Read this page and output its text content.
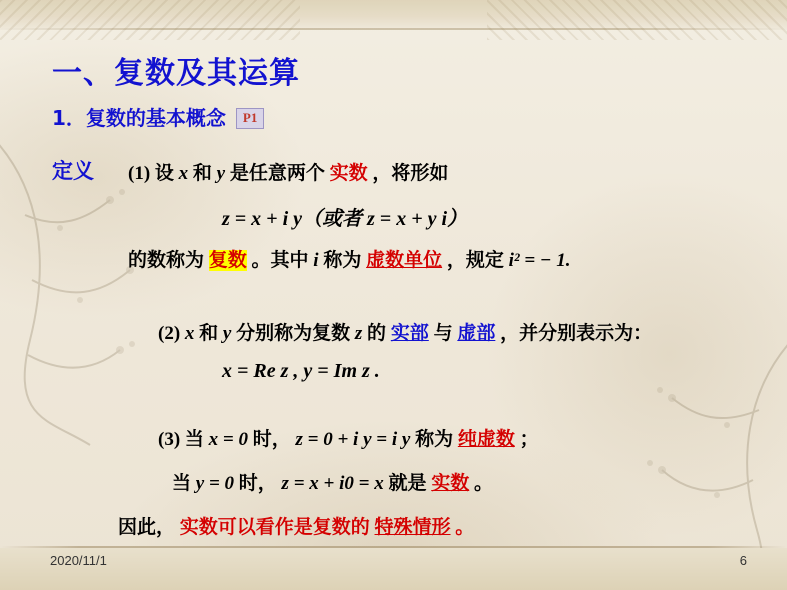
一、复数及其运算
1．复数的基本概念 P1
定义 (1) 设 x 和 y 是任意两个 实数 ，将形如
z = x + i y（或者 z = x + y i）
的数称为 复数 。其中 i 称为 虚数单位 ，规定 i² = − 1.
(2) x 和 y 分别称为复数 z 的 实部 与 虚部 ，并分别表示为：
x = Re z , y = Im z .
(3) 当 x = 0 时， z = 0 + i y = i y 称为 纯虚数 ；
当 y = 0 时， z = x + i0 = x 就是 实数 。
因此， 实数可以看作是复数的 特殊情形 。
2020/11/1	6
